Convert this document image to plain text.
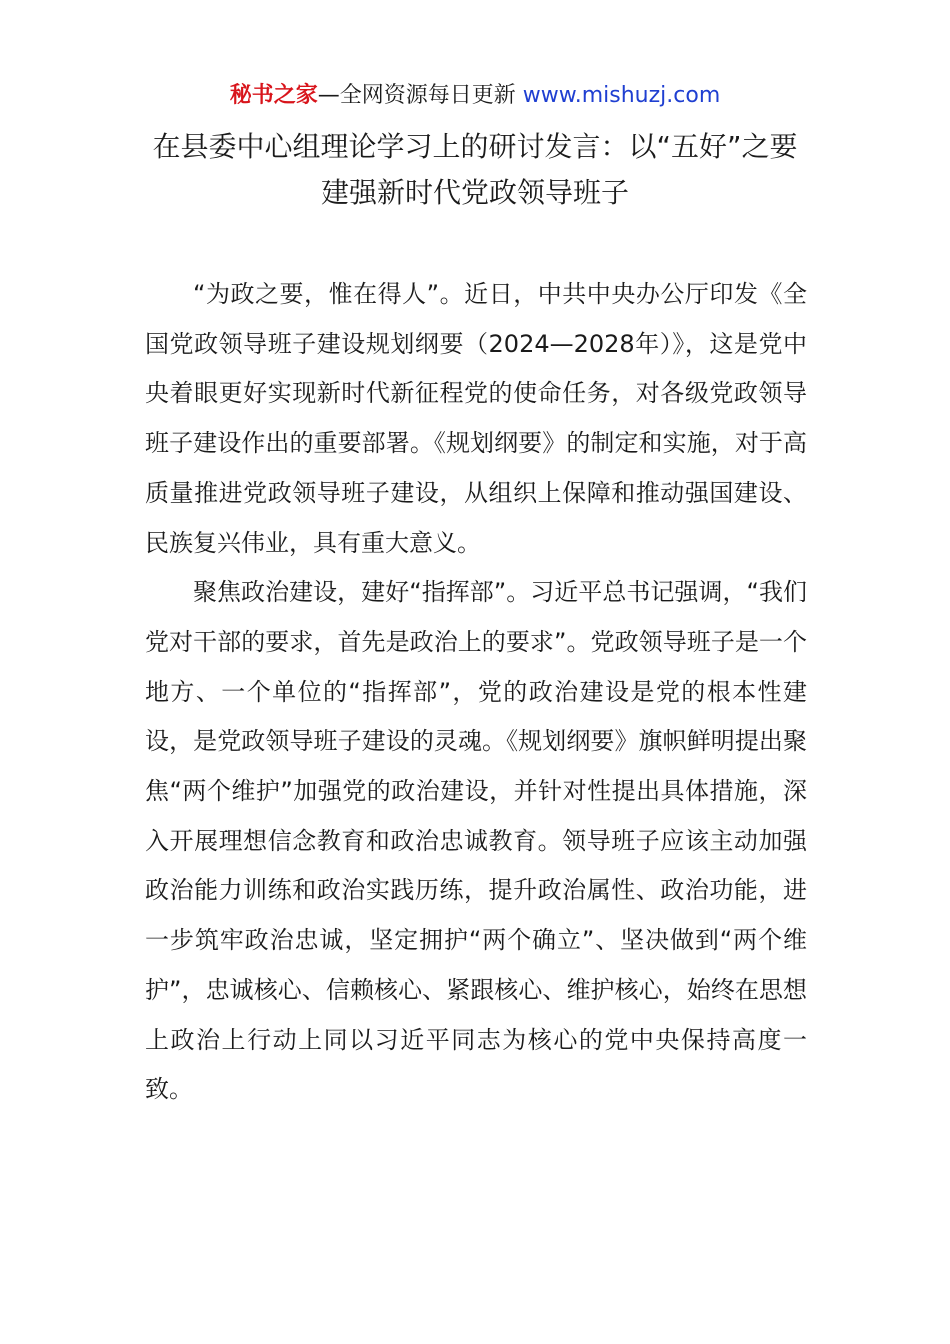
秘书之家—全网资源每日更新 www.mishuzj.com
在县委中心组理论学习上的研讨发言：以“五好”之要建强新时代党政领导班子

“为政之要，惟在得人”。近日，中共中央办公厅印发《全国党政领导班子建设规划纲要（2024—2028年）》，这是党中央着眼更好实现新时代新征程党的使命任务，对各级党政领导班子建设作出的重要部署。《规划纲要》的制定和实施，对于高质量推进党政领导班子建设，从组织上保障和推动强国建设、民族复兴伟业，具有重大意义。

聚焦政治建设，建好“指挥部”。习近平总书记强调，“我们党对干部的要求，首先是政治上的要求”。党政领导班子是一个地方、一个单位的“指挥部”，党的政治建设是党的根本性建设，是党政领导班子建设的灵魂。《规划纲要》旗帜鲜明提出聚焦“两个维护”加强党的政治建设，并针对性提出具体措施，深入开展理想信念教育和政治忠诚教育。领导班子应该主动加强政治能力训练和政治实践历练，提升政治属性、政治功能，进一步筑牢政治忠诚，坚定拥护“两个确立”、坚决做到“两个维护”，忠诚核心、信赖核心、紧跟核心、维护核心，始终在思想上政治上行动上同以习近平同志为核心的党中央保持高度一致。
